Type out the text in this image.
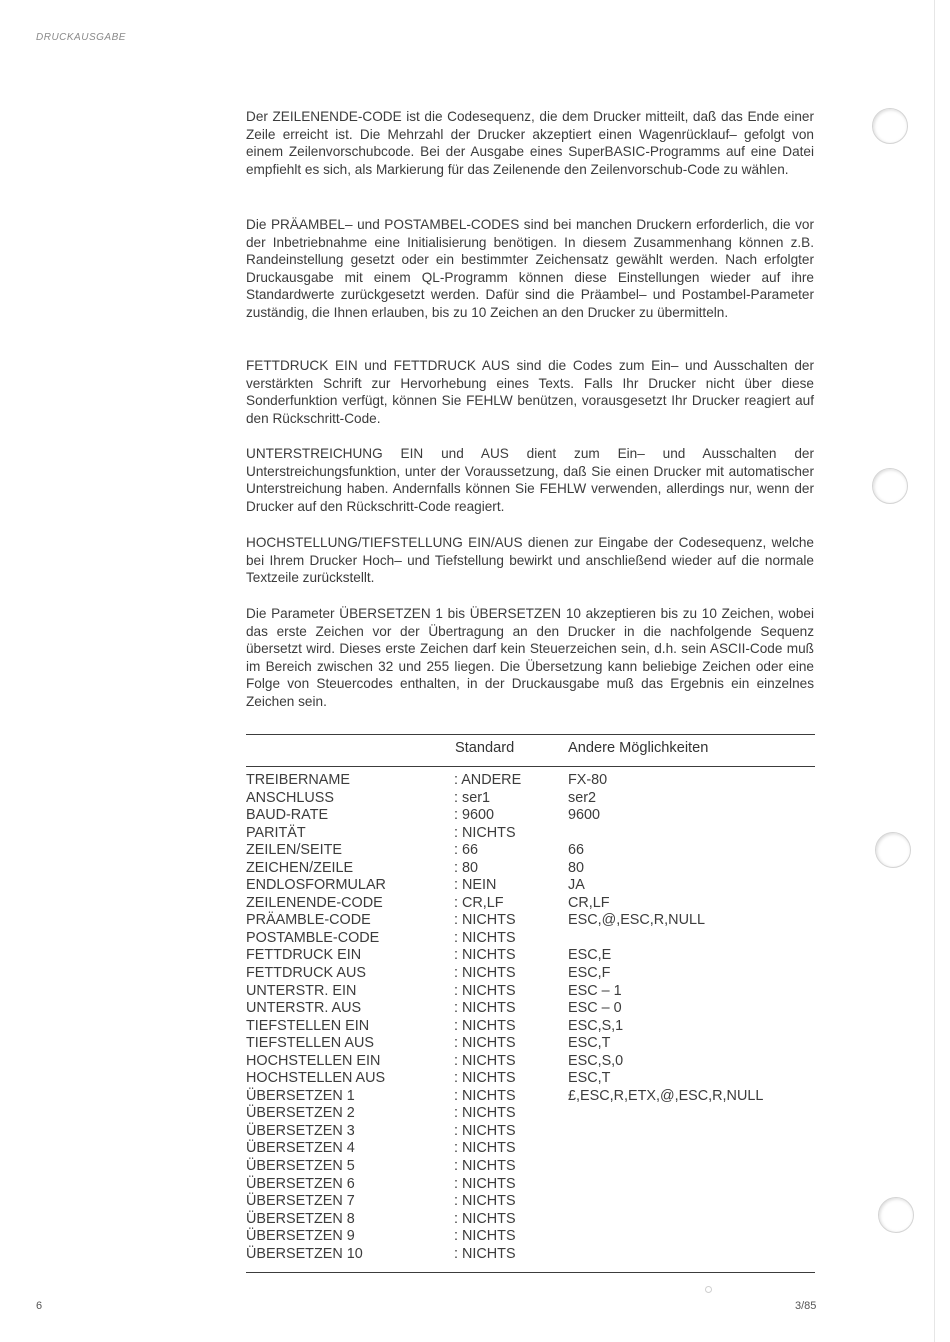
DRUCKAUSGABE
Der ZEILENENDE-CODE ist die Codesequenz, die dem Drucker mitteilt, daß das Ende einer Zeile erreicht ist. Die Mehrzahl der Drucker akzeptiert einen Wagenrücklauf– gefolgt von einem Zeilenvorschubcode. Bei der Ausgabe eines SuperBASIC-Programms auf eine Datei empfiehlt es sich, als Markierung für das Zeilenende den Zeilenvorschub-Code zu wählen.
Die PRÄAMBEL– und POSTAMBEL-CODES sind bei manchen Druckern erforderlich, die vor der Inbetriebnahme eine Initialisierung benötigen. In diesem Zusammenhang können z.B. Randeinstellung gesetzt oder ein bestimmter Zeichensatz gewählt werden. Nach erfolgter Druckausgabe mit einem QL-Programm können diese Einstellungen wieder auf ihre Standardwerte zurückgesetzt werden. Dafür sind die Präambel– und Postambel-Parameter zuständig, die Ihnen erlauben, bis zu 10 Zeichen an den Drucker zu übermitteln.
FETTDRUCK EIN und FETTDRUCK AUS sind die Codes zum Ein– und Ausschalten der verstärkten Schrift zur Hervorhebung eines Texts. Falls Ihr Drucker nicht über diese Sonderfunktion verfügt, können Sie FEHLW benützen, vorausgesetzt Ihr Drucker reagiert auf den Rückschritt-Code.
UNTERSTREICHUNG EIN und AUS dient zum Ein– und Ausschalten der Unterstreichungsfunktion, unter der Voraussetzung, daß Sie einen Drucker mit automatischer Unterstreichung haben. Andernfalls können Sie FEHLW verwenden, allerdings nur, wenn der Drucker auf den Rückschritt-Code reagiert.
HOCHSTELLUNG/TIEFSTELLUNG EIN/AUS dienen zur Eingabe der Codesequenz, welche bei Ihrem Drucker Hoch– und Tiefstellung bewirkt und anschließend wieder auf die normale Textzeile zurückstellt.
Die Parameter ÜBERSETZEN 1 bis ÜBERSETZEN 10 akzeptieren bis zu 10 Zeichen, wobei das erste Zeichen vor der Übertragung an den Drucker in die nachfolgende Sequenz übersetzt wird. Dieses erste Zeichen darf kein Steuerzeichen sein, d.h. sein ASCII-Code muß im Bereich zwischen 32 und 255 liegen. Die Übersetzung kann beliebige Zeichen oder eine Folge von Steuercodes enthalten, in der Druckausgabe muß das Ergebnis ein einzelnes Zeichen sein.
Standard	Andere Möglichkeiten
TREIBERNAME	: ANDERE	FX-80
ANSCHLUSS	: ser1	ser2
BAUD-RATE	: 9600	9600
PARITÄT	: NICHTS
ZEILEN/SEITE	: 66	66
ZEICHEN/ZEILE	: 80	80
ENDLOSFORMULAR	: NEIN	JA
ZEILENENDE-CODE	: CR,LF	CR,LF
PRÄAMBLE-CODE	: NICHTS	ESC,@,ESC,R,NULL
POSTAMBLE-CODE	: NICHTS
FETTDRUCK EIN	: NICHTS	ESC,E
FETTDRUCK AUS	: NICHTS	ESC,F
UNTERSTR. EIN	: NICHTS	ESC – 1
UNTERSTR. AUS	: NICHTS	ESC – 0
TIEFSTELLEN EIN	: NICHTS	ESC,S,1
TIEFSTELLEN AUS	: NICHTS	ESC,T
HOCHSTELLEN EIN	: NICHTS	ESC,S,0
HOCHSTELLEN AUS	: NICHTS	ESC,T
ÜBERSETZEN 1	: NICHTS	£,ESC,R,ETX,@,ESC,R,NULL
ÜBERSETZEN 2	: NICHTS
ÜBERSETZEN 3	: NICHTS
ÜBERSETZEN 4	: NICHTS
ÜBERSETZEN 5	: NICHTS
ÜBERSETZEN 6	: NICHTS
ÜBERSETZEN 7	: NICHTS
ÜBERSETZEN 8	: NICHTS
ÜBERSETZEN 9	: NICHTS
ÜBERSETZEN 10	: NICHTS
6	3/85
